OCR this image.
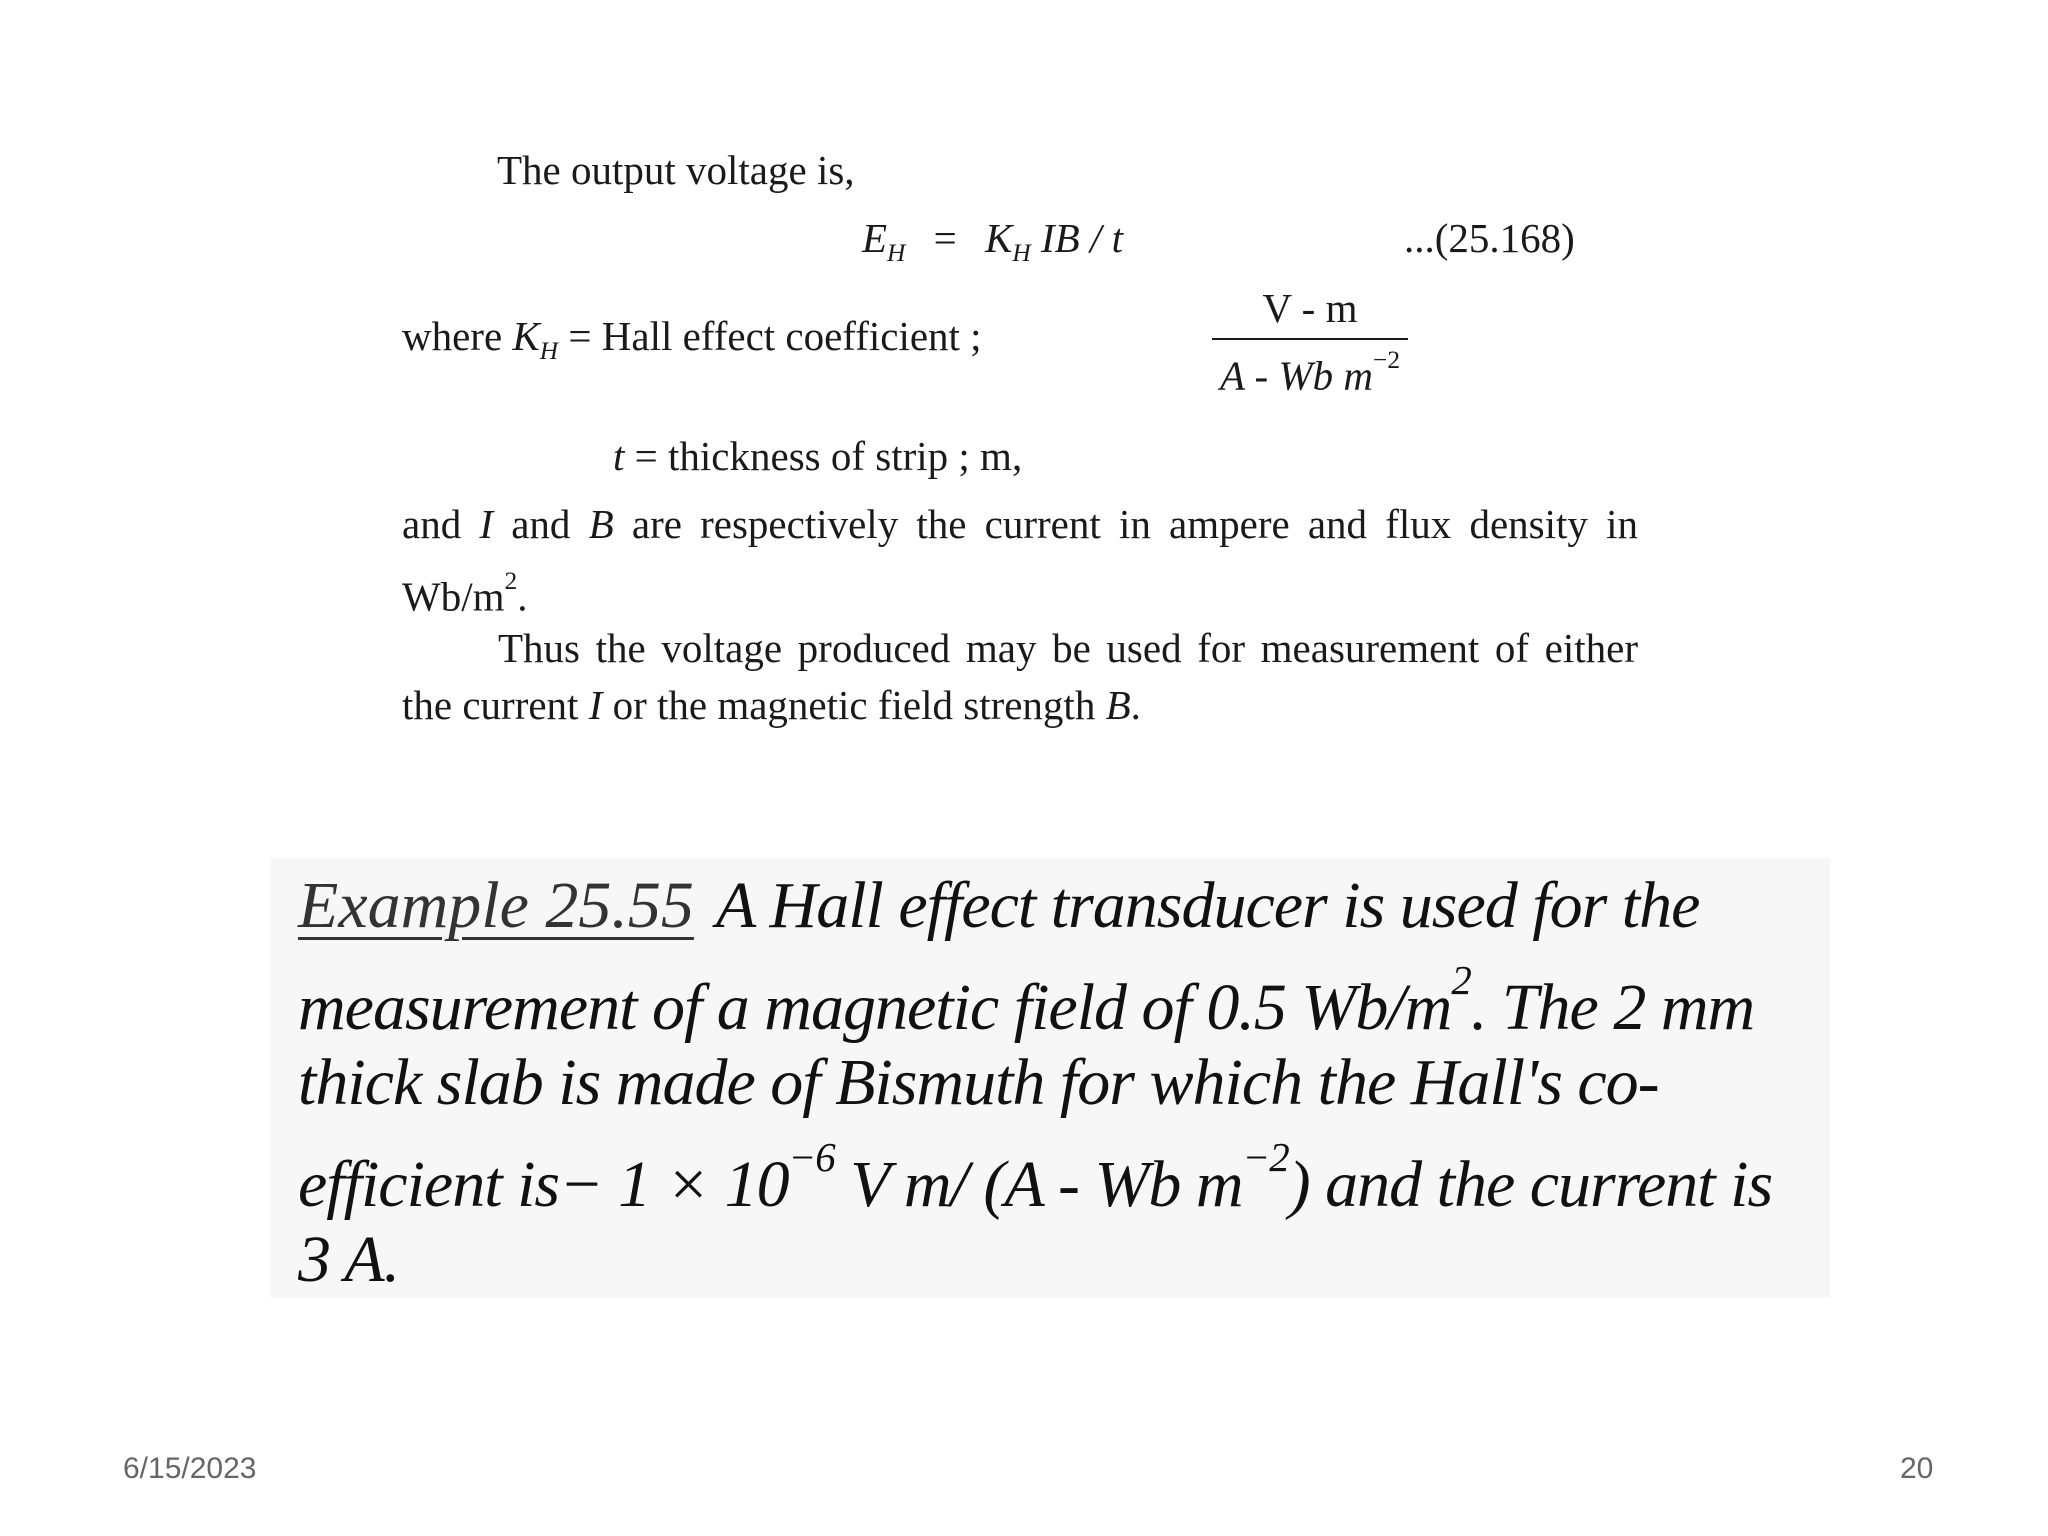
The output voltage is,
$E_H = K_H$ IB / t	...(25.168)
where $K_H$ = Hall effect coefficient ;
V - m
A - Wb $m^{-2}$
t = thickness of strip ; m,
and I and B are respectively the current in ampere and flux density in $Wb/m^2$.
Thus the voltage produced may be used for measurement of either the current I or the magnetic field strength B.
Example 25.55 A Hall effect transducer is used for the measurement of a magnetic field of 0.5 $Wb/m^2$. The 2 mm thick slab is made of Bismuth for which the Hall's co-efficient $is- 1 \times 10^{-6}$ V m/ (A - Wb $m^{-2}$) and the current is 3 A.
6/15/2023	20
